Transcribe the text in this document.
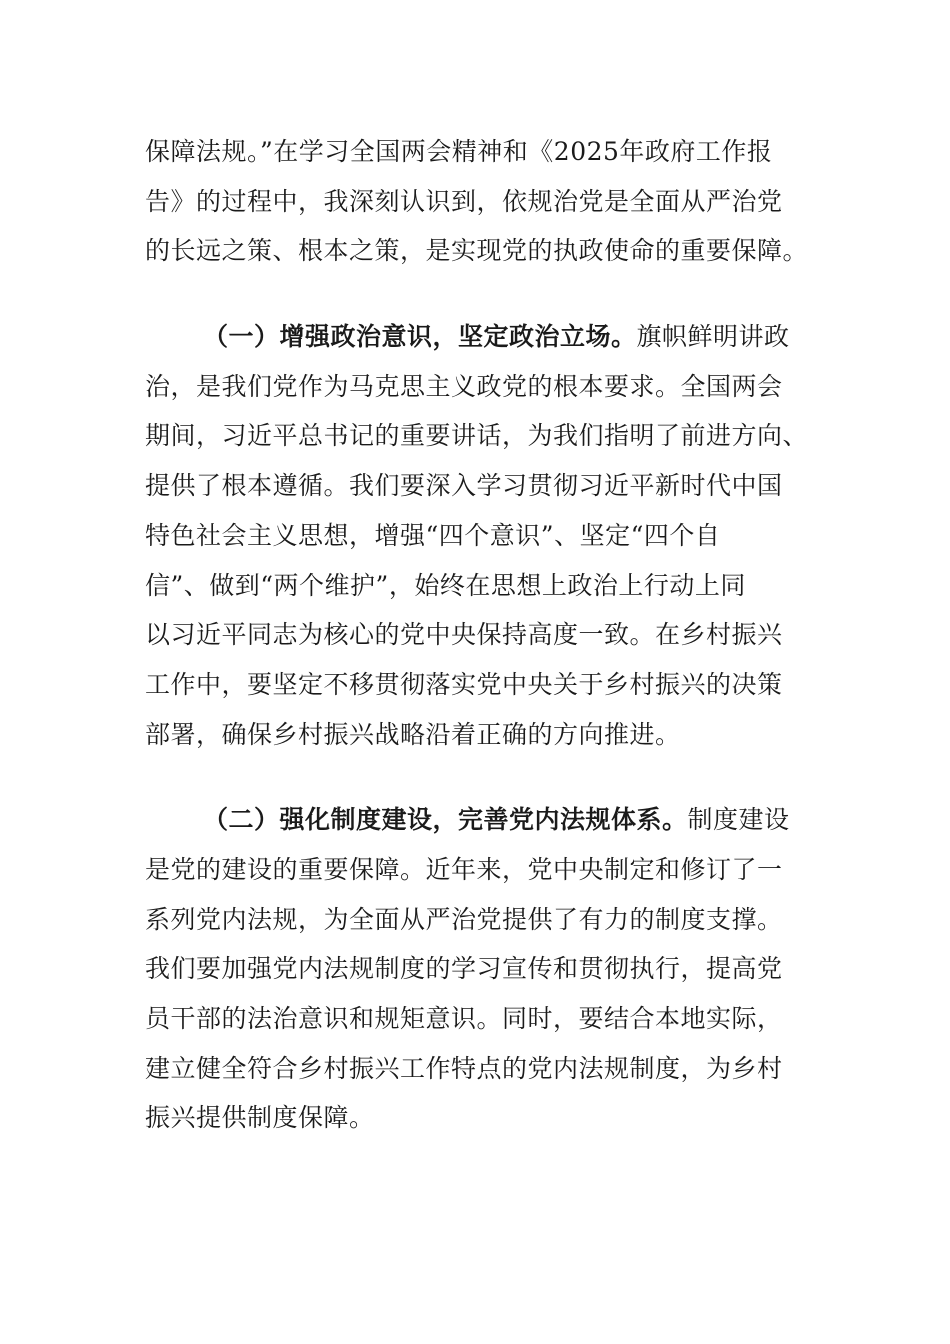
保障法规。”在学习全国两会精神和《2025年政府工作报
告》的过程中，我深刻认识到，依规治党是全面从严治党
的长远之策、根本之策，是实现党的执政使命的重要保障。
（一）增强政治意识，坚定政治立场。旗帜鲜明讲政
治，是我们党作为马克思主义政党的根本要求。全国两会
期间，习近平总书记的重要讲话，为我们指明了前进方向、
提供了根本遵循。我们要深入学习贯彻习近平新时代中国
特色社会主义思想，增强“四个意识”、坚定“四个自
信”、做到“两个维护”，始终在思想上政治上行动上同
以习近平同志为核心的党中央保持高度一致。在乡村振兴
工作中，要坚定不移贯彻落实党中央关于乡村振兴的决策
部署，确保乡村振兴战略沿着正确的方向推进。
（二）强化制度建设，完善党内法规体系。制度建设
是党的建设的重要保障。近年来，党中央制定和修订了一
系列党内法规，为全面从严治党提供了有力的制度支撑。
我们要加强党内法规制度的学习宣传和贯彻执行，提高党
员干部的法治意识和规矩意识。同时，要结合本地实际，
建立健全符合乡村振兴工作特点的党内法规制度，为乡村
振兴提供制度保障。
